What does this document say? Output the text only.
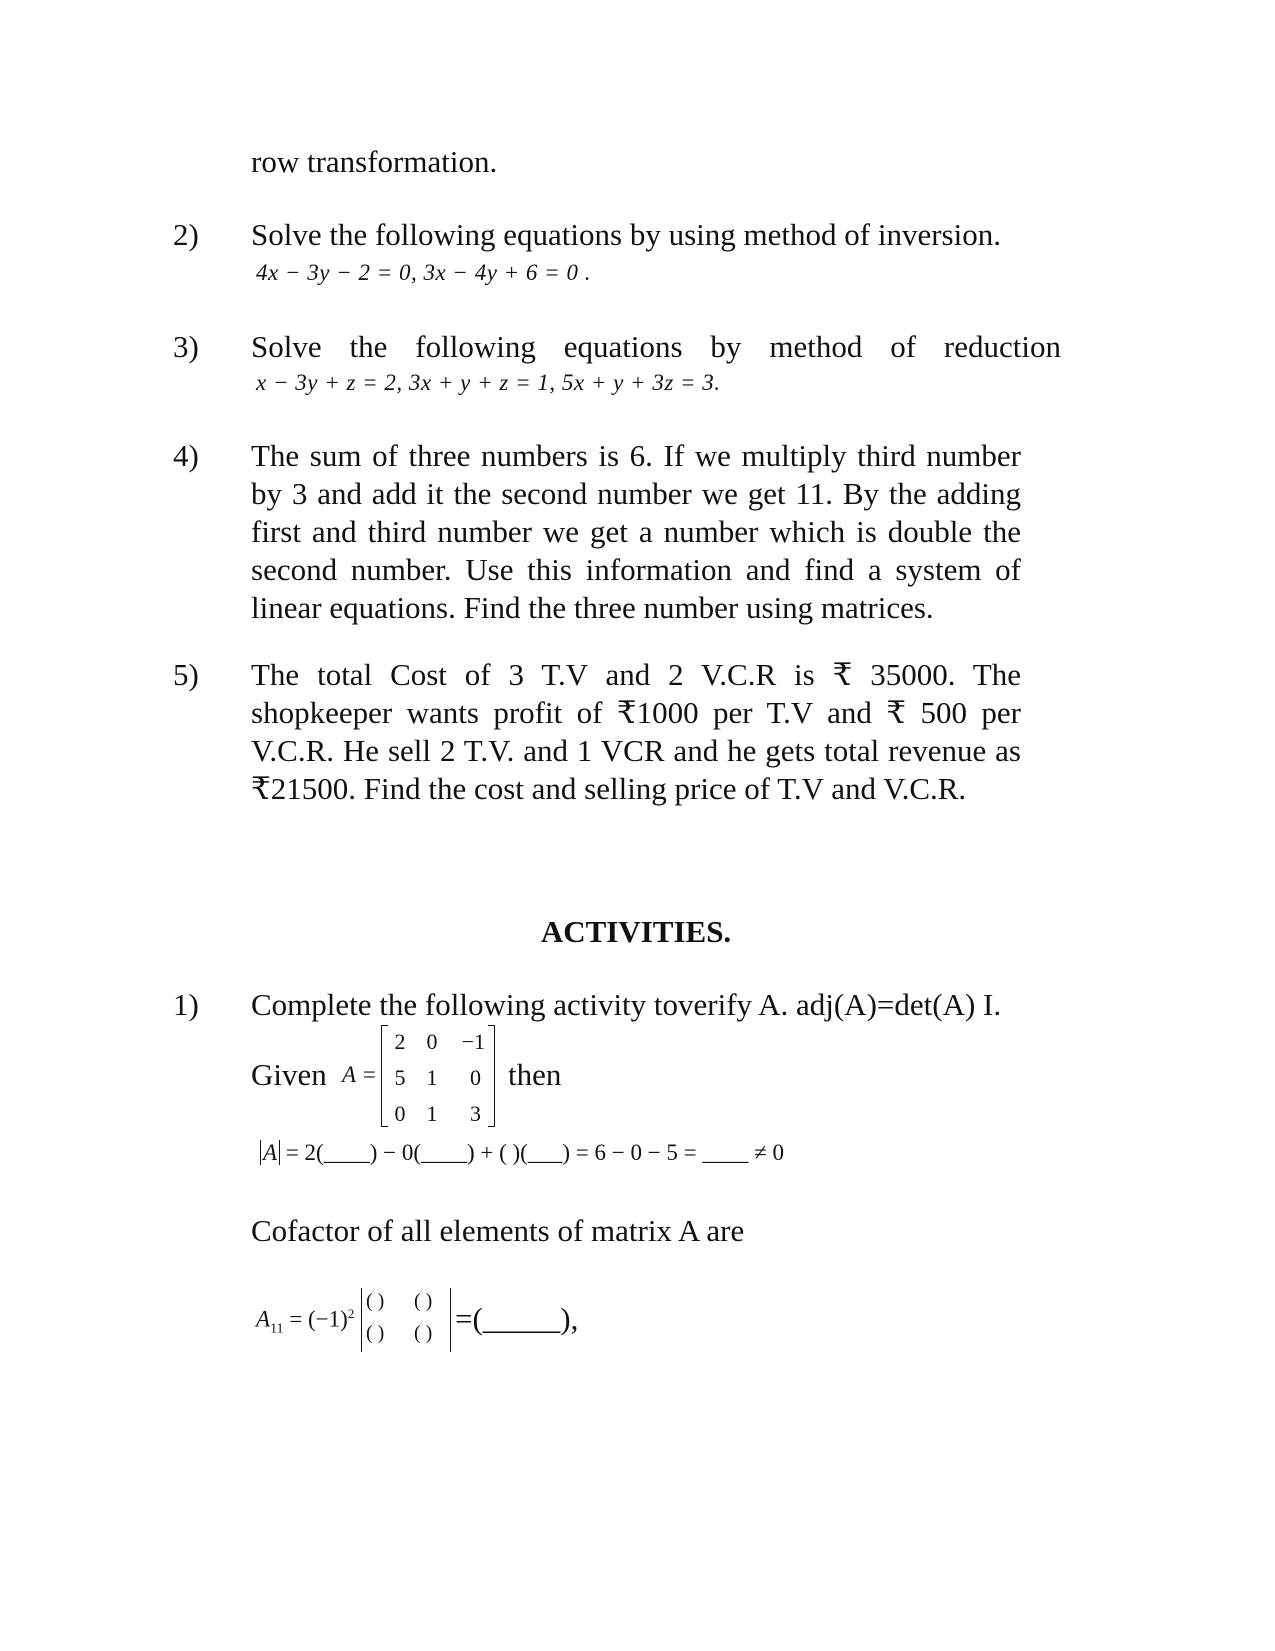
row transformation.
2) Solve the following equations by using method of inversion.
4x − 3y − 2 = 0, 3x − 4y + 6 = 0 .
3) Solve the following equations by method of reduction
x − 3y + z = 2, 3x + y + z = 1, 5x + y + 3z = 3.
4) The sum of three numbers is 6. If we multiply third number by 3 and add it the second number we get 11. By the adding first and third number we get a number which is double the second number. Use this information and find a system of linear equations. Find the three number using matrices.
5) The total Cost of 3 T.V and 2 V.C.R is ₹ 35000. The shopkeeper wants profit of ₹1000 per T.V and ₹ 500 per V.C.R. He sell 2 T.V. and 1 VCR and he gets total revenue as ₹21500. Find the cost and selling price of T.V and V.C.R.
ACTIVITIES.
1) Complete the following activity toverify A. adj(A)=det(A) I.
Given A =
2 0	−1
5 1	0
0 1	3
then
A = 2(____) − 0(____) + ( )(___) = 6 − 0 − 5 = ____ ≠ 0
Cofactor of all elements of matrix A are
$A_{11} = (-1)^2$
( ) ( )
( ) ( ) =(_____),
